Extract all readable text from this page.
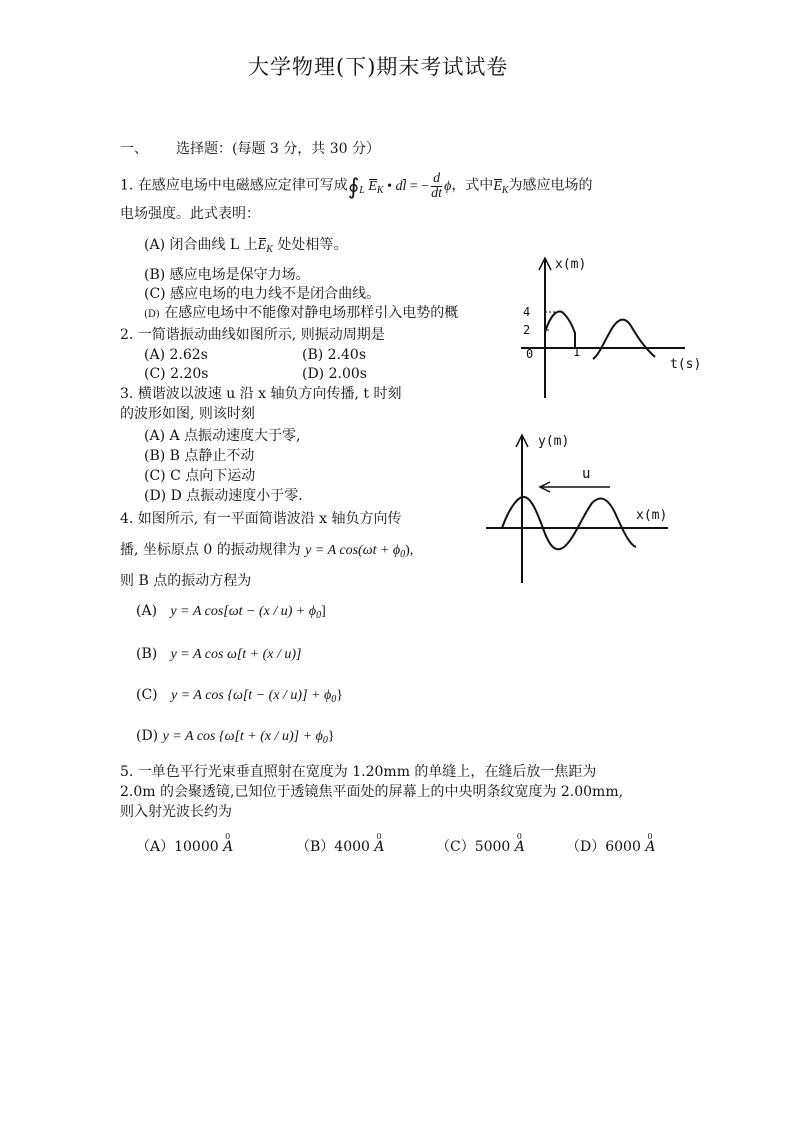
大学物理(下)期末考试试卷
一、 选择题：(每题 3 分，共 30 分）
1. 在感应电场中电磁感应定律可写成$∮_L$ $E_K$ • dl = − $\frac{d}{dt}$ ϕ，式中$E_K$为感应电场的
电场强度。此式表明：
(A) 闭合曲线 L 上$E_K$ 处处相等。
(B) 感应电场是保守力场。
(C) 感应电场的电力线不是闭合曲线。
(D) 在感应电场中不能像对静电场那样引入电势的概
2. 一简谐振动曲线如图所示, 则振动周期是
(A) 2.62s	(B) 2.40s
(C) 2.20s	(D) 2.00s
3. 横谐波以波速 u 沿 x 轴负方向传播, t 时刻
的波形如图, 则该时刻
(A) A 点振动速度大于零,
(B) B 点静止不动
(C) C 点向下运动
(D) D 点振动速度小于零.
4. 如图所示, 有一平面简谐波沿 x 轴负方向传
播, 坐标原点 0 的振动规律为 y = A $\cos(\omega t + \phi_0)$,
则 B 点的振动方程为
(A) y = A $\cos[\omega t - (x / u) + \phi_0]$
(B) y = A cos ω[t + (x / u)]
(C) y = A $\cos \{\omega[t - (x / u)] + \phi_0\}$
(D) y = A $\cos \{\omega[t + (x / u)] + \phi_0\}$
5. 一单色平行光束垂直照射在宽度为 1.20mm 的单缝上，在缝后放一焦距为
2.0m 的会聚透镜,已知位于透镜焦平面处的屏幕上的中央明条纹宽度为 2.00mm,
则入射光波长约为
（A）10000
0
A	（B）4000
0
A	（C）5000
0
A	（D）6000
0
A
x(m)
t(s)
4
2
0	1
y(m)
x(m)
u
